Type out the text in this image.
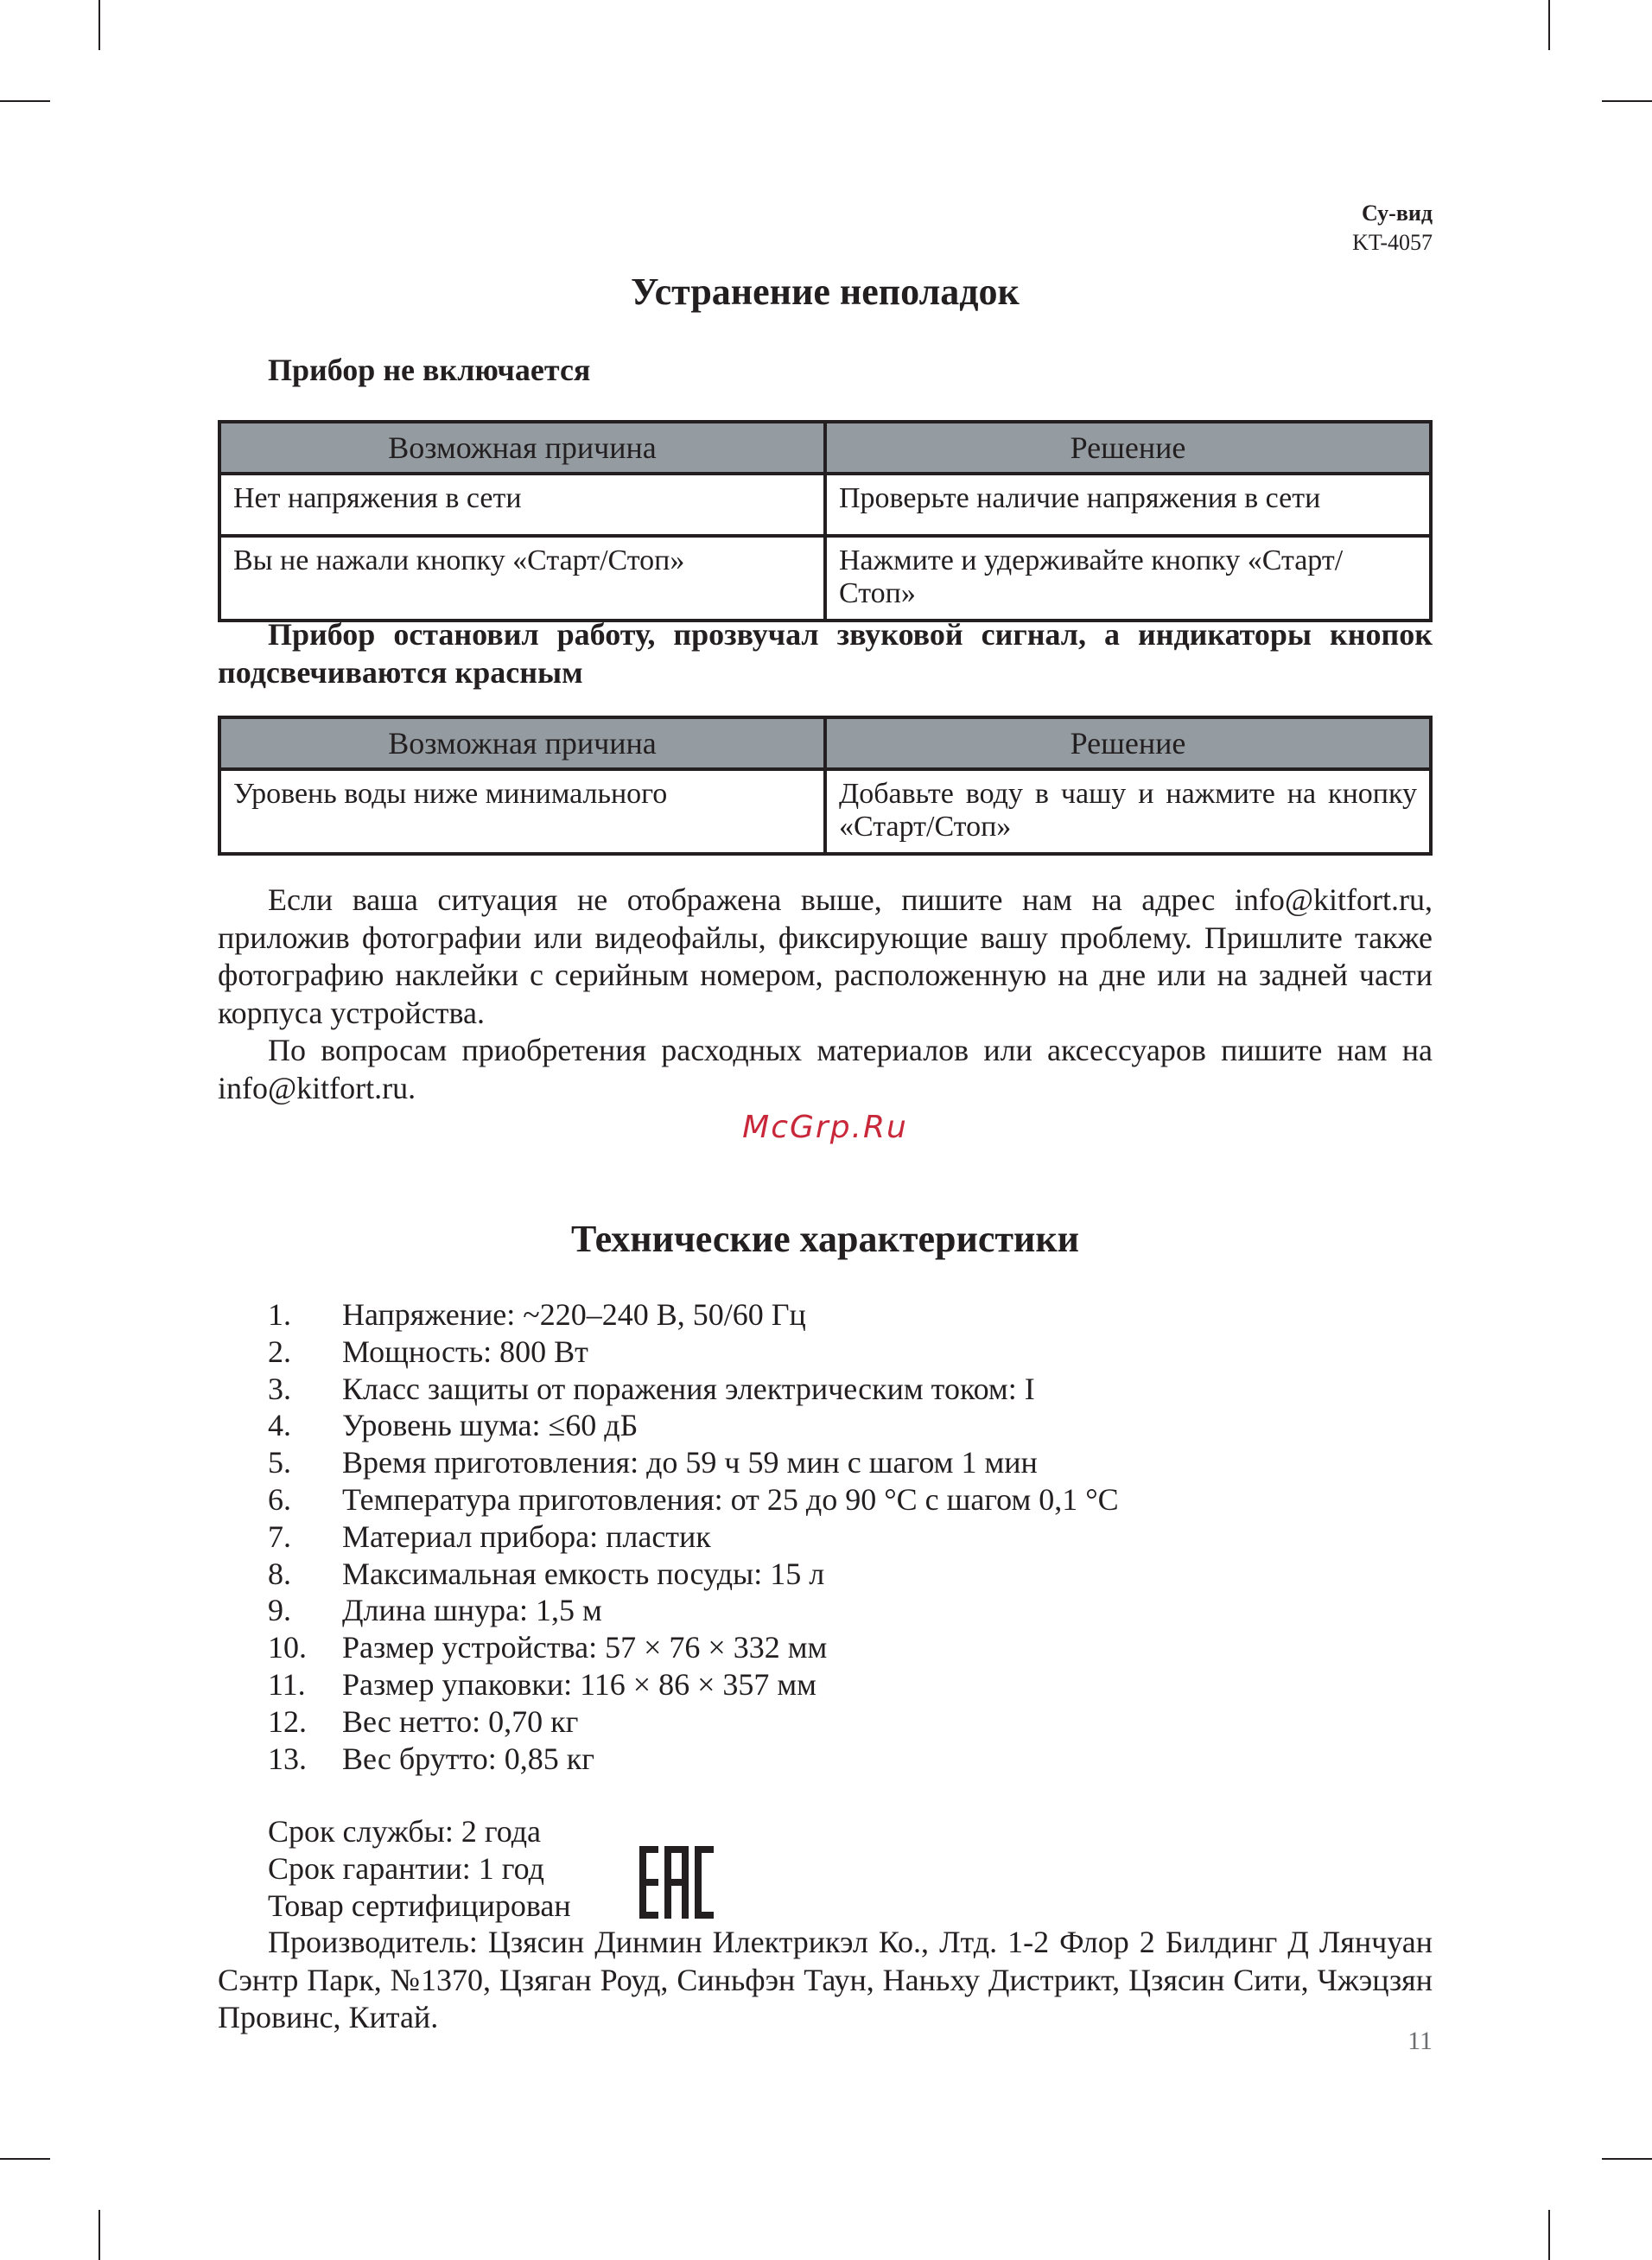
Су-вид
KT-4057
Устранение неполадок
Прибор не включается
Возможная причина	Решение
Нет напряжения в сети	Проверьте наличие напряжения в сети
Вы не нажали кнопку «Старт/Стоп»	Нажмите и удерживайте кнопку «Старт/Стоп»
Прибор остановил работу, прозвучал звуковой сигнал, а индикаторы кнопок подсвечиваются красным
Возможная причина	Решение
Уровень воды ниже минимального	Добавьте воду в чашу и нажмите на кнопку «Старт/Стоп»

Если ваша ситуация не отображена выше, пишите нам на адрес info@kitfort.ru, приложив фотографии или видеофайлы, фиксирующие вашу проблему. Пришлите также фотографию наклейки с серийным номером, расположенную на дне или на задней части корпуса устройства.

По вопросам приобретения расходных материалов или аксессуаров пишите нам на info@kitfort.ru.

McGrp.Ru
Технические характеристики
1. Напряжение: ~220–240 В, 50/60 Гц
2. Мощность: 800 Вт
3. Класс защиты от поражения электрическим током: I
4. Уровень шума: ≤60 дБ
5. Время приготовления: до 59 ч 59 мин с шагом 1 мин
6. Температура приготовления: от 25 до 90 °C с шагом 0,1 °C
7. Материал прибора: пластик
8. Максимальная емкость посуды: 15 л
9. Длина шнура: 1,5 м
10. Размер устройства: 57 × 76 × 332 мм
11. Размер упаковки: 116 × 86 × 357 мм
12. Вес нетто: 0,70 кг
13. Вес брутто: 0,85 кг
Срок службы: 2 года
Срок гарантии: 1 год
Товар сертифицирован

Производитель: Цзясин Динмин Илектрикэл Ко., Лтд. 1-2 Флор 2 Билдинг Д Лянчуан Сэнтр Парк, №1370, Цзяган Роуд, Синьфэн Таун, Наньху Дистрикт, Цзясин Сити, Чжэцзян Провинс, Китай.

11
